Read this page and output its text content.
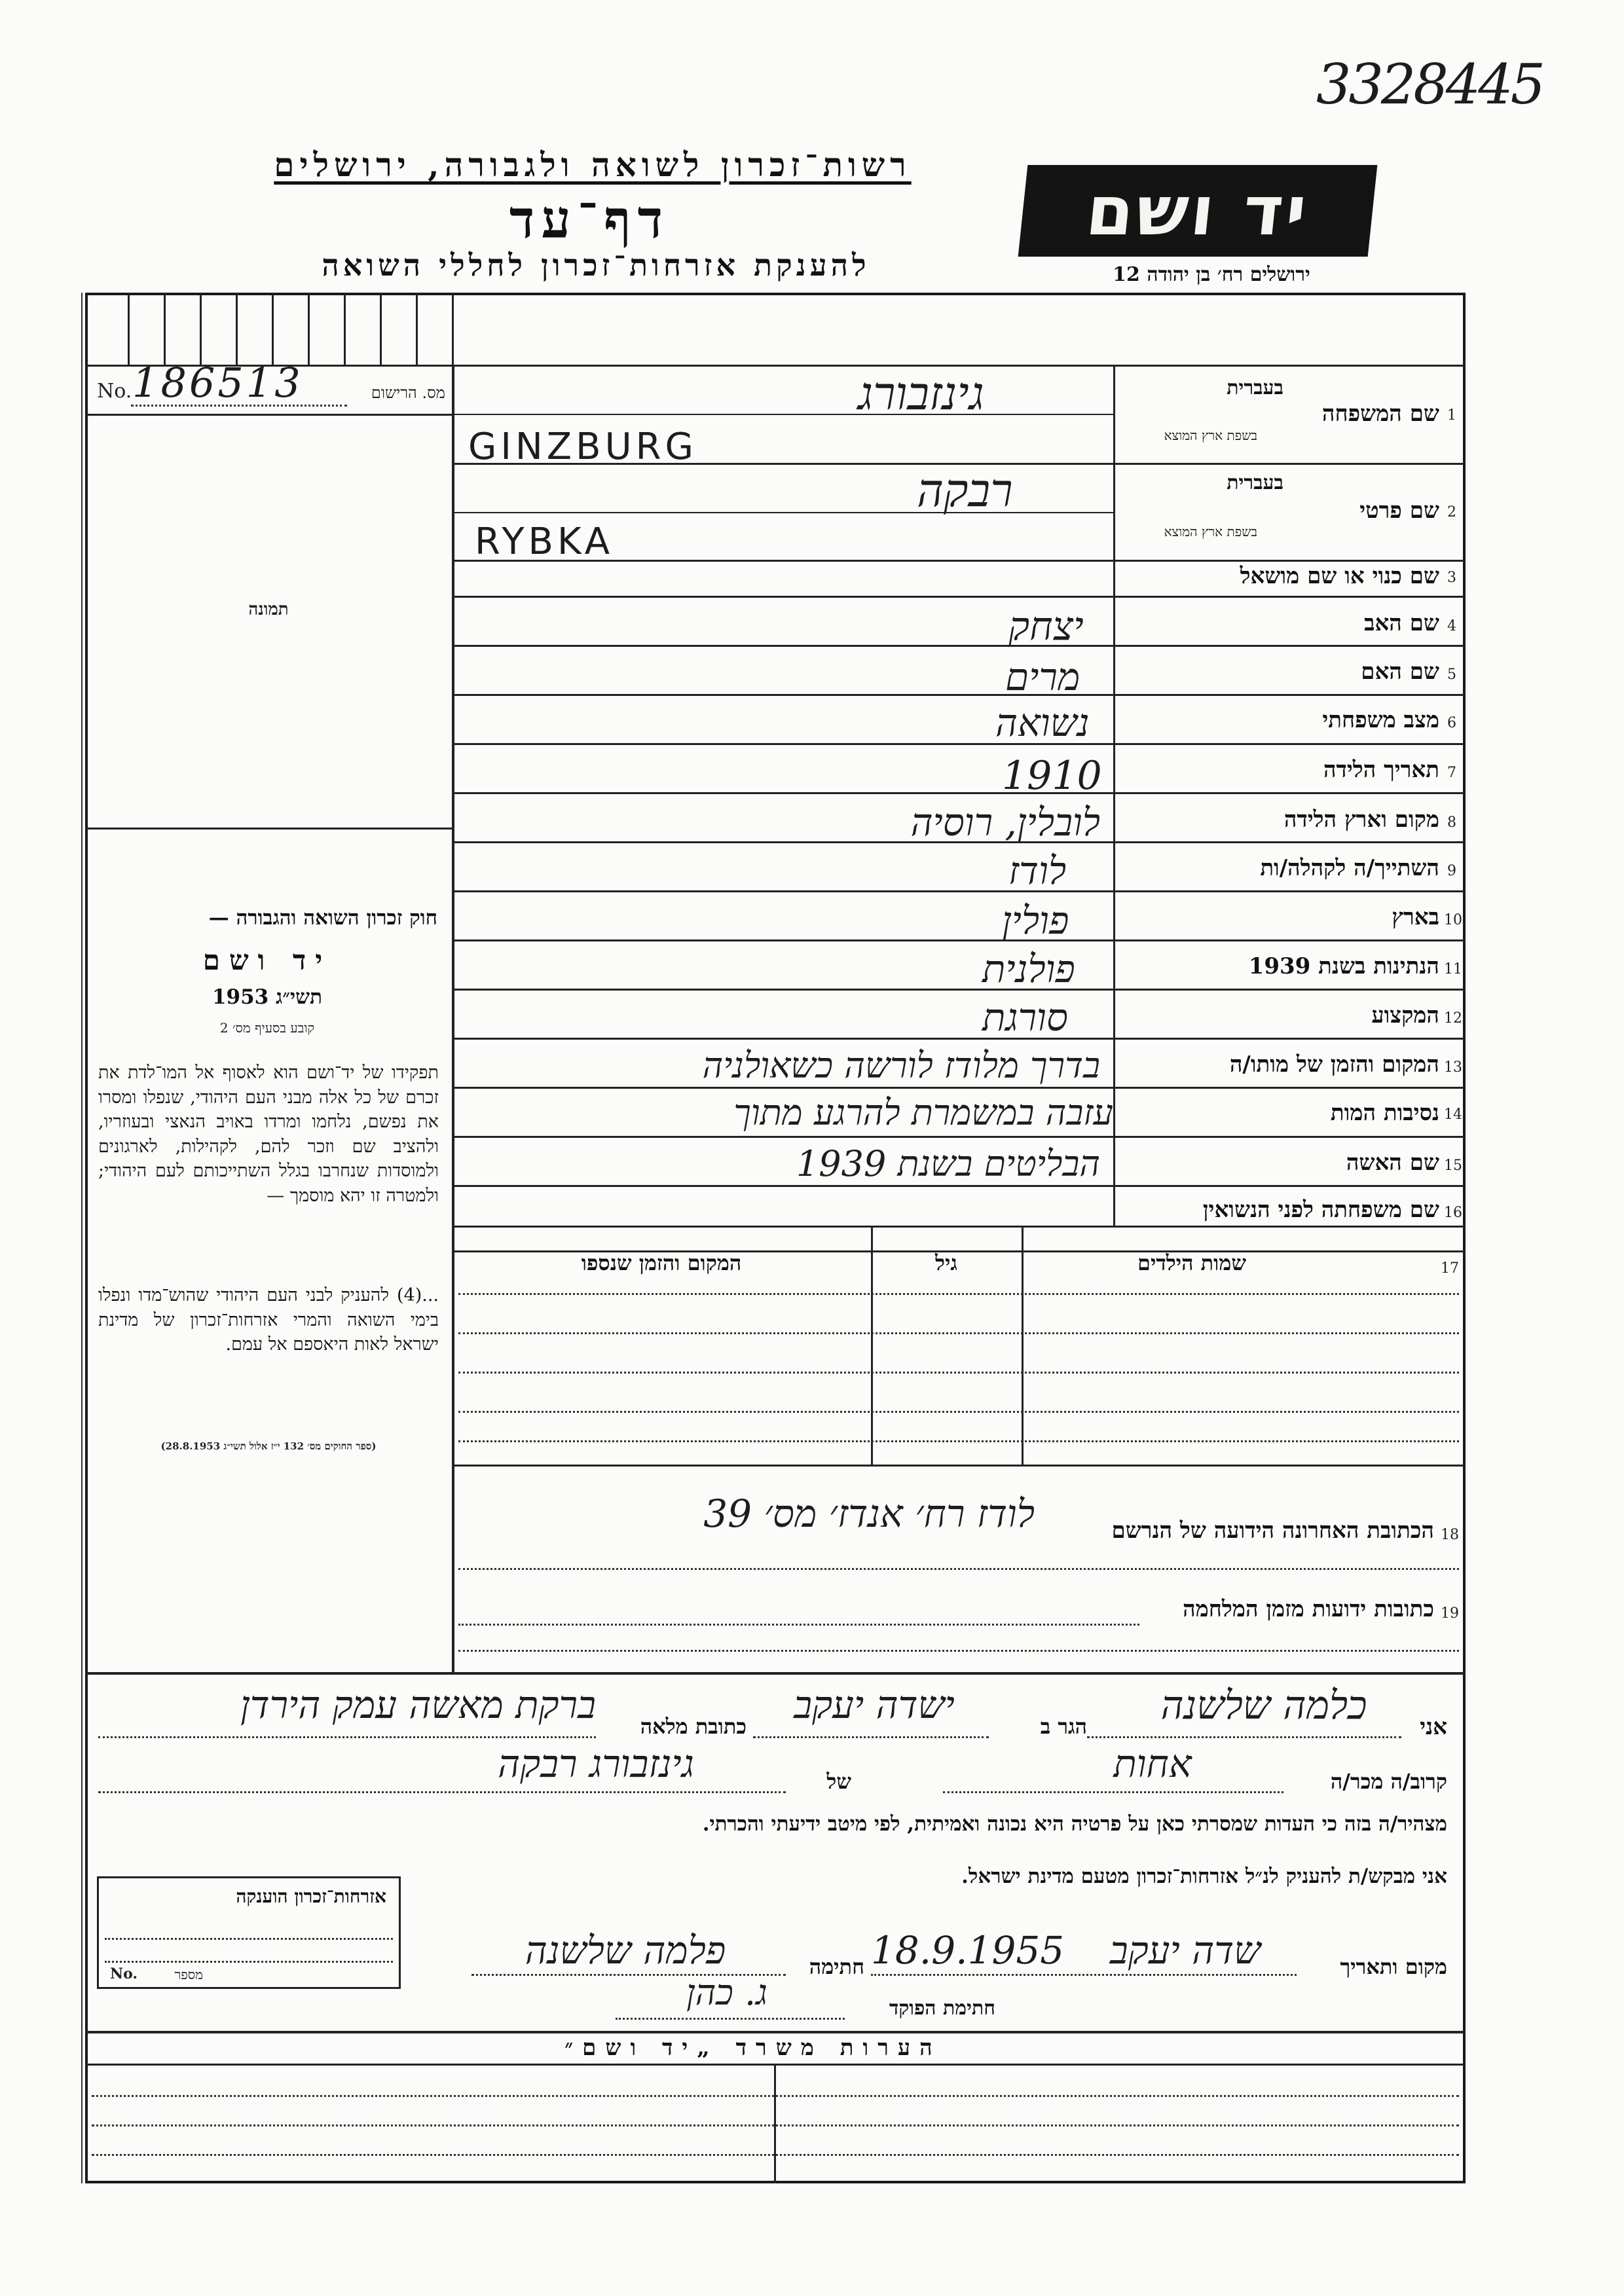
3328445
רשות־זכרון לשואה ולגבורה, ירושלים
דף־עד
להענקת אזרחות־זכרון לחללי השואה
יד ושם
ירושלים רח׳ בן יהודה 12
No. 186513	מס. הרישום
תמונה
חוק זכרון השואה והגבורה —
יד ושם
תשי״ג 1953
קובע בסעיף מס׳ 2
תפקידו של יד־ושם הוא לאסוף אל המו־לדת את זכרם של כל אלה מבני העם היהודי, שנפלו ומסרו את נפשם, נלחמו ומרדו באויב הנאצי ובעוזריו, ולהציב שם וזכר להם, לקהילות, לארגונים ולמוסדות שנחרבו בגלל השתייכותם לעם היהודי; ולמטרה זו יהא מוסמך —
...(4) להעניק לבני העם היהודי שהוש־מדו ונפלו בימי השואה והמרי אזרחות־זכרון של מדינת ישראל לאות היאספם אל עמם.
(ספר החוקים מס׳ 132 י״ז אלול תשי״ג 28.8.1953)
1
שם המשפחה
בעברית
בשפת ארץ המוצא
גינזבורג
GINZBURG
2
שם פרטי
בעברית
בשפת ארץ המוצא
רבקה
RYBKA
3
שם כנוי או שם מושאל
4
שם האב
יצחק
5
שם האם
מרים
6
מצב משפחתי
נשואה
7
תאריך הלידה
1910
8
מקום וארץ הלידה
לובלין, רוסיה
9
השתייך/ה לקהלה/ות
לודז
10
בארץ
פולין
11
הנתינות בשנת 1939
פולנית
12
המקצוע
סורגת
13
המקום והזמן של מותו/ה
בדרך מלודז לורשה כשאולניה
14
נסיבות המות
עזבה במשמרת להרגע מתוך
15
שם האשה
הבליטים בשנת 1939
16
שם משפחתה לפני הנשואין
17
שמות הילדים
גיל
המקום והזמן שנספו
18
הכתובת האחרונה הידועה של הנרשם
לודז רח׳ אנדז׳ מס׳ 39
19
כתובות ידועות מזמן המלחמה
אני
כלמה שלשנה
הגר ב
ישדה יעקב
כתובת מלאה
ברקת מאשה עמק הירדן
קרוב/ה מכר/ה
אחות
של
גינזבורג רבקה
מצהיר/ה בזה כי העדות שמסרתי כאן על פרטיה היא נכונה ואמיתית, לפי מיטב ידיעתי והכרתי.
אני מבקש/ת להעניק לנ״ל אזרחות־זכרון מטעם מדינת ישראל.
מקום ותאריך
שדה יעקב
18.9.1955
חתימה
פלמה שלשנה
חתימת הפוקד
ג. כהן
אזרחות־זכרון הוענקה
No.	מספר
הערות משרד „יד ושם״
